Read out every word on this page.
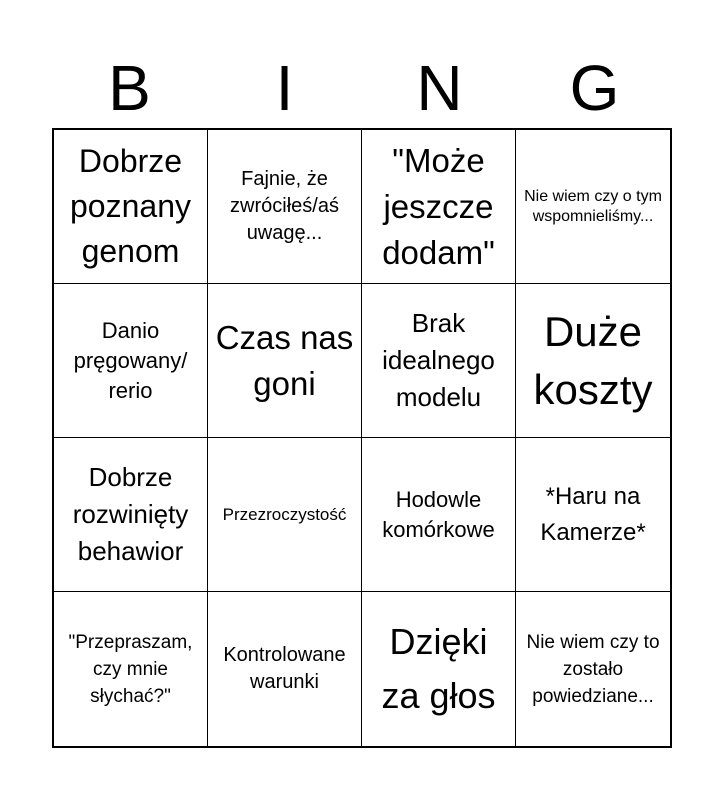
B	I	N	G
Dobrze poznany genom
Fajnie, że zwróciłeś/aś uwagę...
"Może jeszcze dodam"
Nie wiem czy o tym wspomnieliśmy...
Danio pręgowany/ rerio
Czas nas goni
Brak idealnego modelu
Duże koszty
Dobrze rozwinięty behawior
Przezroczystość
Hodowle komórkowe
*Haru na Kamerze*
"Przepraszam, czy mnie słychać?"
Kontrolowane warunki
Dzięki za głos
Nie wiem czy to zostało powiedziane...
